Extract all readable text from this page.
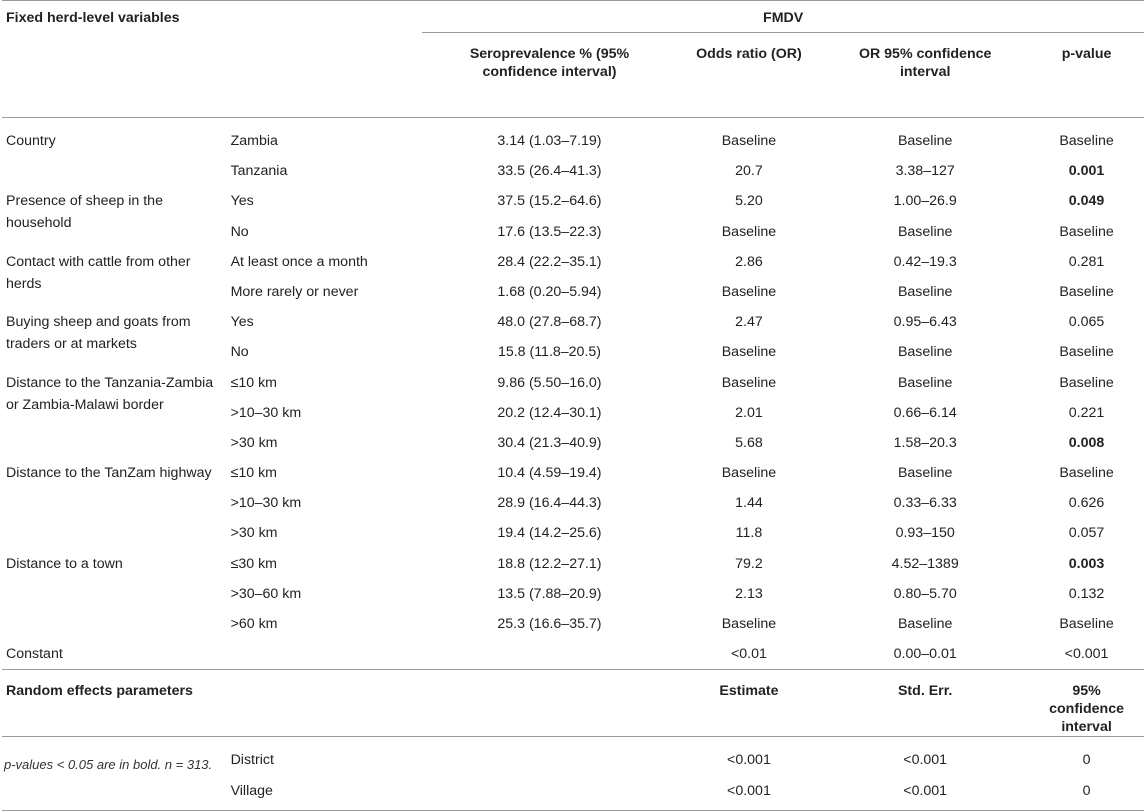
Fixed herd-level variables		FMDV			
		Seroprevalence % (95% confidence interval)	Odds ratio (OR)	OR 95% confidence interval	p-value
Country	Zambia	3.14 (1.03–7.19)	Baseline	Baseline	Baseline
	Tanzania	33.5 (26.4–41.3)	20.7	3.38–127	0.001
Presence of sheep in the household	Yes	37.5 (15.2–64.6)	5.20	1.00–26.9	0.049
	No	17.6 (13.5–22.3)	Baseline	Baseline	Baseline
Contact with cattle from other herds	At least once a month	28.4 (22.2–35.1)	2.86	0.42–19.3	0.281
	More rarely or never	1.68 (0.20–5.94)	Baseline	Baseline	Baseline
Buying sheep and goats from traders or at markets	Yes	48.0 (27.8–68.7)	2.47	0.95–6.43	0.065
	No	15.8 (11.8–20.5)	Baseline	Baseline	Baseline
Distance to the Tanzania-Zambia or Zambia-Malawi border	≤10 km	9.86 (5.50–16.0)	Baseline	Baseline	Baseline
	>10–30 km	20.2 (12.4–30.1)	2.01	0.66–6.14	0.221
	>30 km	30.4 (21.3–40.9)	5.68	1.58–20.3	0.008
Distance to the TanZam highway	≤10 km	10.4 (4.59–19.4)	Baseline	Baseline	Baseline
	>10–30 km	28.9 (16.4–44.3)	1.44	0.33–6.33	0.626
	>30 km	19.4 (14.2–25.6)	11.8	0.93–150	0.057
Distance to a town	≤30 km	18.8 (12.2–27.1)	79.2	4.52–1389	0.003
	>30–60 km	13.5 (7.88–20.9)	2.13	0.80–5.70	0.132
	>60 km	25.3 (16.6–35.7)	Baseline	Baseline	Baseline
Constant			<0.01	0.00–0.01	<0.001
Random effects parameters			Estimate	Std. Err.	95% confidence interval
	District		<0.001	<0.001	0
	Village		<0.001	<0.001	0
p-values < 0.05 are in bold. n = 313.
